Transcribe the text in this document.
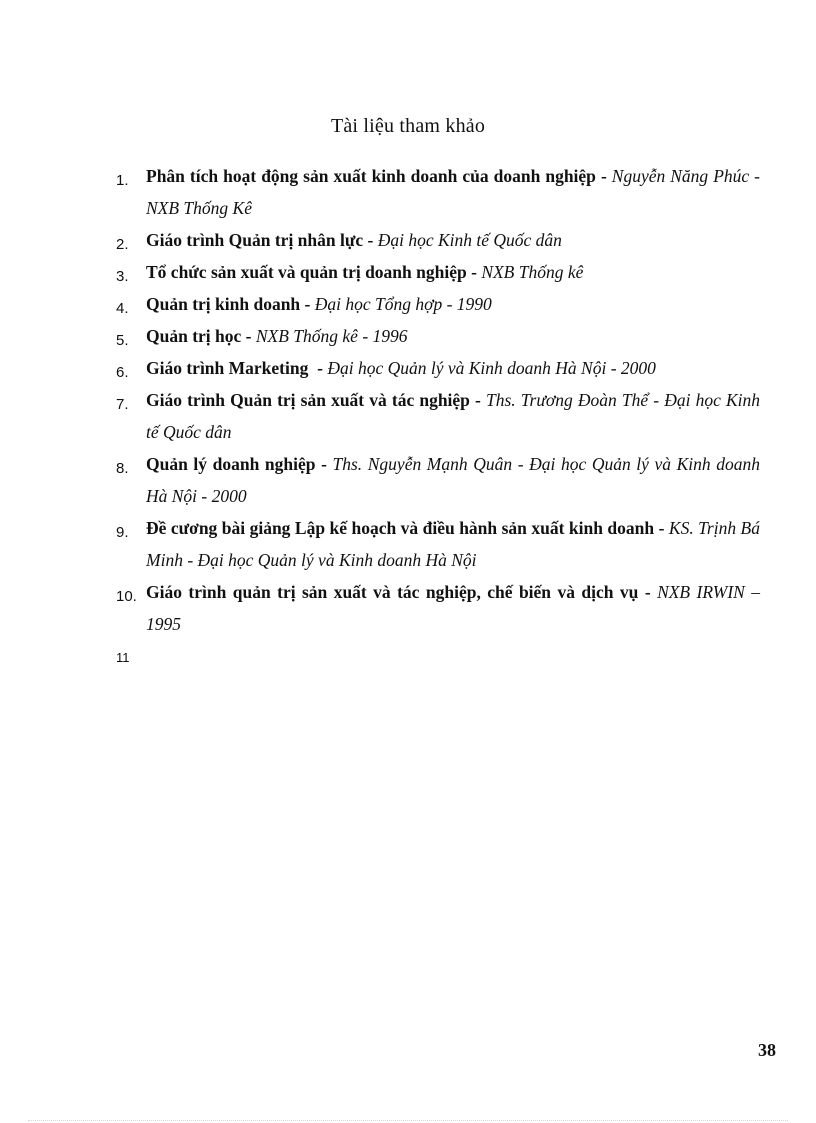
Tài liệu tham khảo
1. Phân tích hoạt động sản xuất kinh doanh của doanh nghiệp - Nguyễn Năng Phúc - NXB Thống Kê
2. Giáo trình Quản trị nhân lực - Đại học Kinh tế Quốc dân
3. Tổ chức sản xuất và quản trị doanh nghiệp - NXB Thống kê
4. Quản trị kinh doanh - Đại học Tổng hợp - 1990
5. Quản trị học - NXB Thống kê - 1996
6. Giáo trình Marketing  - Đại học Quản lý và Kinh doanh Hà Nội - 2000
7. Giáo trình Quản trị sản xuất và tác nghiệp - Ths. Trương Đoàn Thể - Đại học Kinh tế Quốc dân
8. Quản lý doanh nghiệp - Ths. Nguyễn Mạnh Quân - Đại học Quản lý và Kinh doanh Hà Nội - 2000
9. Đề cương bài giảng Lập kế hoạch và điều hành sản xuất kinh doanh - KS. Trịnh Bá Minh - Đại học Quản lý và Kinh doanh Hà Nội
10. Giáo trình quản trị sản xuất và tác nghiệp, chế biến và dịch vụ - NXB IRWIN – 1995
11
38
